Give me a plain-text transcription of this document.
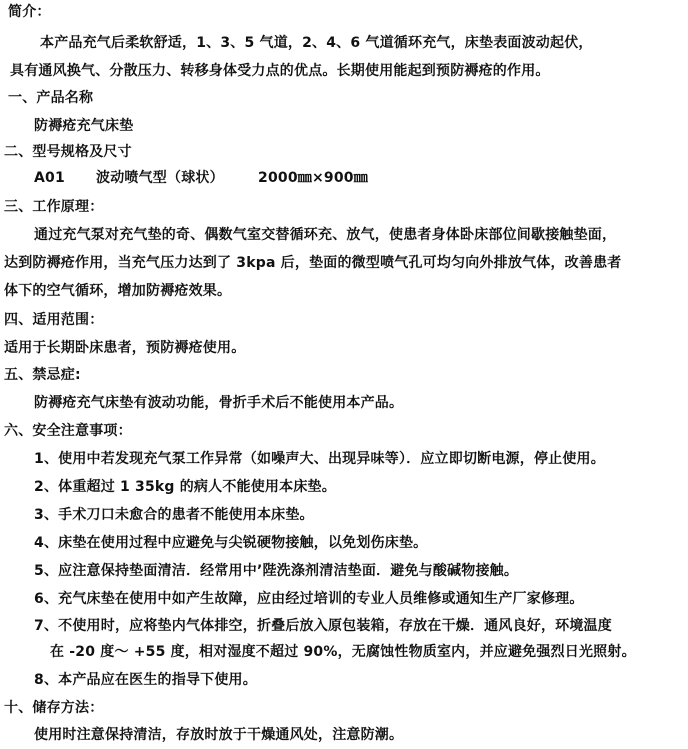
简介：
本产品充气后柔软舒适，1、3、5 气道，2、4、6 气道循环充气，床垫表面波动起伏，
具有通风换气、分散压力、转移身体受力点的优点。长期使用能起到预防褥疮的作用。
一、产品名称
防褥疮充气床垫
二、型号规格及尺寸
A01 波动喷气型（球状） 2000㎜×900㎜
三、工作原理：
通过充气泵对充气垫的奇、偶数气室交替循环充、放气，使患者身体卧床部位间歇接触垫面，
达到防褥疮作用，当充气压力达到了 3kpa 后，垫面的微型喷气孔可均匀向外排放气体，改善患者
体下的空气循环，增加防褥疮效果。
四、适用范围：
适用于长期卧床患者，预防褥疮使用。
五、禁忌症:
防褥疮充气床垫有波动功能，骨折手术后不能使用本产品。
六、安全注意事项：
1、使用中若发现充气泵工作异常（如噪声大、出现异味等）．应立即切断电源，停止使用。
2、体重超过 1 35kg 的病人不能使用本床垫。
3、手术刀口未愈合的患者不能使用本床垫。
4、床垫在使用过程中应避免与尖锐硬物接触，以免划伤床垫。
5、应注意保持垫面清洁．经常用中’陛洗涤剂清洁垫面．避免与酸碱物接触。
6、充气床垫在使用中如产生故障，应由经过培训的专业人员维修或通知生产厂家修理。
7、不使用时，应将垫内气体排空，折叠后放入原包装箱，存放在干燥．通风良好，环境温度
在 -20 度～ +55 度，相对湿度不超过 90%，无腐蚀性物质室内，并应避免强烈日光照射。
8、本产品应在医生的指导下使用。
十、储存方法：
使用时注意保持清洁，存放时放于干燥通风处，注意防潮。
